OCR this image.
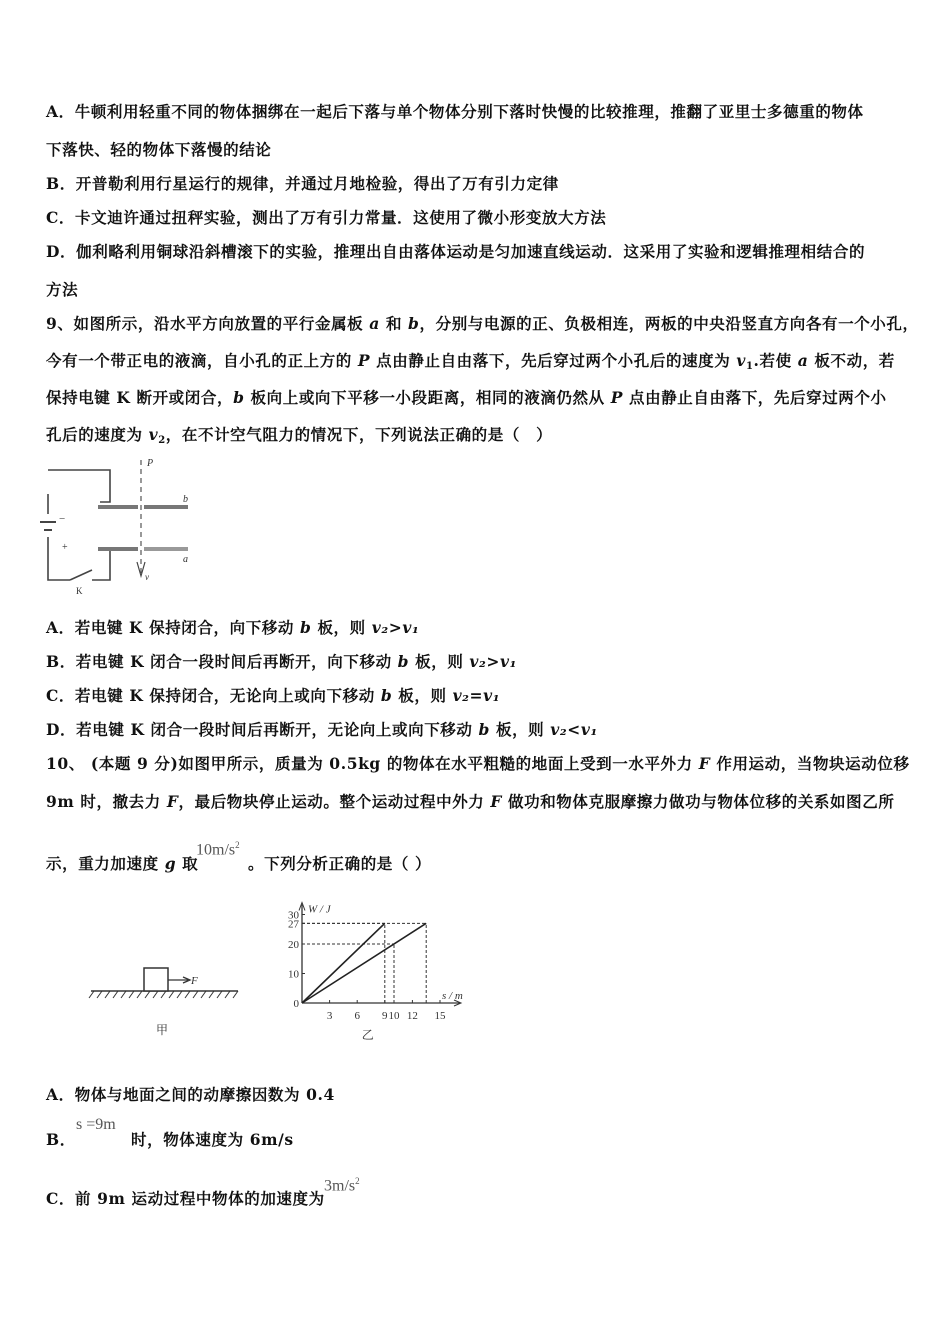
A．牛顿利用轻重不同的物体捆绑在一起后下落与单个物体分别下落时快慢的比较推理，推翻了亚里士多德重的物体
下落快、轻的物体下落慢的结论
B．开普勒利用行星运行的规律，并通过月地检验，得出了万有引力定律
C．卡文迪许通过扭秤实验，测出了万有引力常量．这使用了微小形变放大方法
D．伽利略利用铜球沿斜槽滚下的实验，推理出自由落体运动是匀加速直线运动．这采用了实验和逻辑推理相结合的
方法
9、如图所示，沿水平方向放置的平行金属板 a 和 b，分别与电源的正、负极相连，两板的中央沿竖直方向各有一个小孔，
今有一个带正电的液滴，自小孔的正上方的 P 点由静止自由落下，先后穿过两个小孔后的速度为 $v_1$.若使 a 板不动，若
保持电键 K 断开或闭合，b 板向上或向下平移一小段距离，相同的液滴仍然从 P 点由静止自由落下，先后穿过两个小
孔后的速度为 $v_2$，在不计空气阻力的情况下，下列说法正确的是（　）
P
b
a
−
+
v
K
A．若电键 K 保持闭合，向下移动 b 板，则 v₂>v₁
B．若电键 K 闭合一段时间后再断开，向下移动 b 板，则 v₂>v₁
C．若电键 K 保持闭合，无论向上或向下移动 b 板，则 v₂=v₁
D．若电键 K 闭合一段时间后再断开，无论向上或向下移动 b 板，则 v₂<v₁
10、 (本题 9 分)如图甲所示，质量为 0.5kg 的物体在水平粗糙的地面上受到一水平外力 F 作用运动，当物块运动位移
9m 时，撤去力 F，最后物块停止运动。整个运动过程中外力 F 做功和物体克服摩擦力做功与物体位移的关系如图乙所
示，重力加速度 g 取
$10m/s^2$
。下列分析正确的是（ ）
F
甲	乙
W / J
s / m
0
10
20
27
30
3 6 9 10 12 15
A．物体与地面之间的动摩擦因数为 0.4
B．
s =9m
时，物体速度为 6m/s
C．前 9m 运动过程中物体的加速度为
$3m/s^2$
